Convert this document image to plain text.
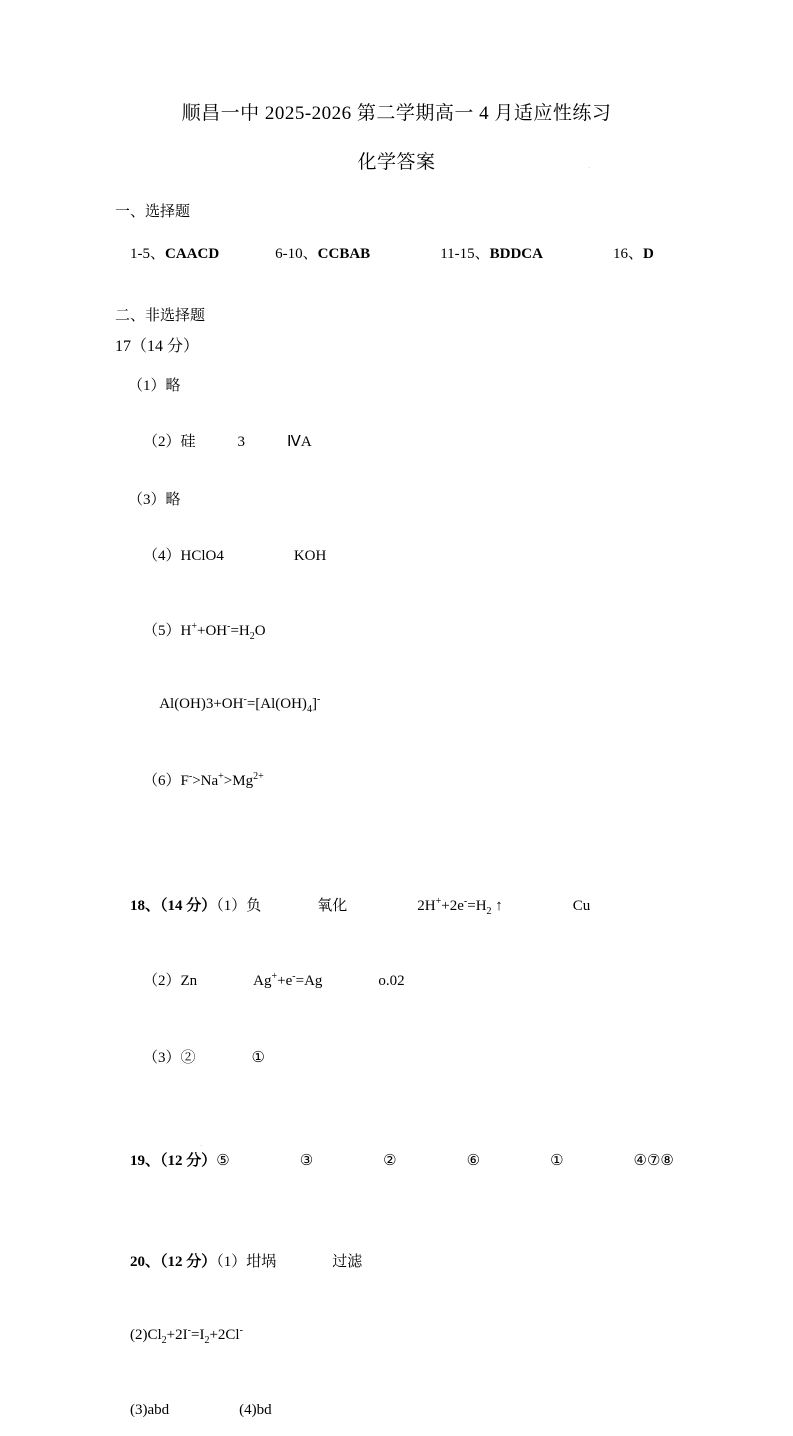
.
.
顺昌一中 2025-2026 第二学期高一 4 月适应性练习
化学答案
一、选择题

1-5、CAACD	6-10、CCBAB	11-15、BDDCA	16、D

二、非选择题
17（14 分）
（1）略

（2）硅	3	ⅣA

（3）略

（4）HClO4	KOH

$(5)H^++OH^-=H_2O$

$Al(OH)3+OH^-=[Al(OH)_4]^-$

$(6)F^->Na^+>Mg^{2+}$

18、（14 分）（1）负	氧化	$2H^++2e^-=H_2$ ↑	Cu

（2）Zn	Ag++e-=Ag	o.02

（3）②	①

19、（12 分）⑤	③	②	⑥	①	④⑦⑧

20、（12 分）（1）坩埚	过滤

$(2)Cl_2+2I^-=I_2+2Cl^-$

(3)abd	(4)bd
